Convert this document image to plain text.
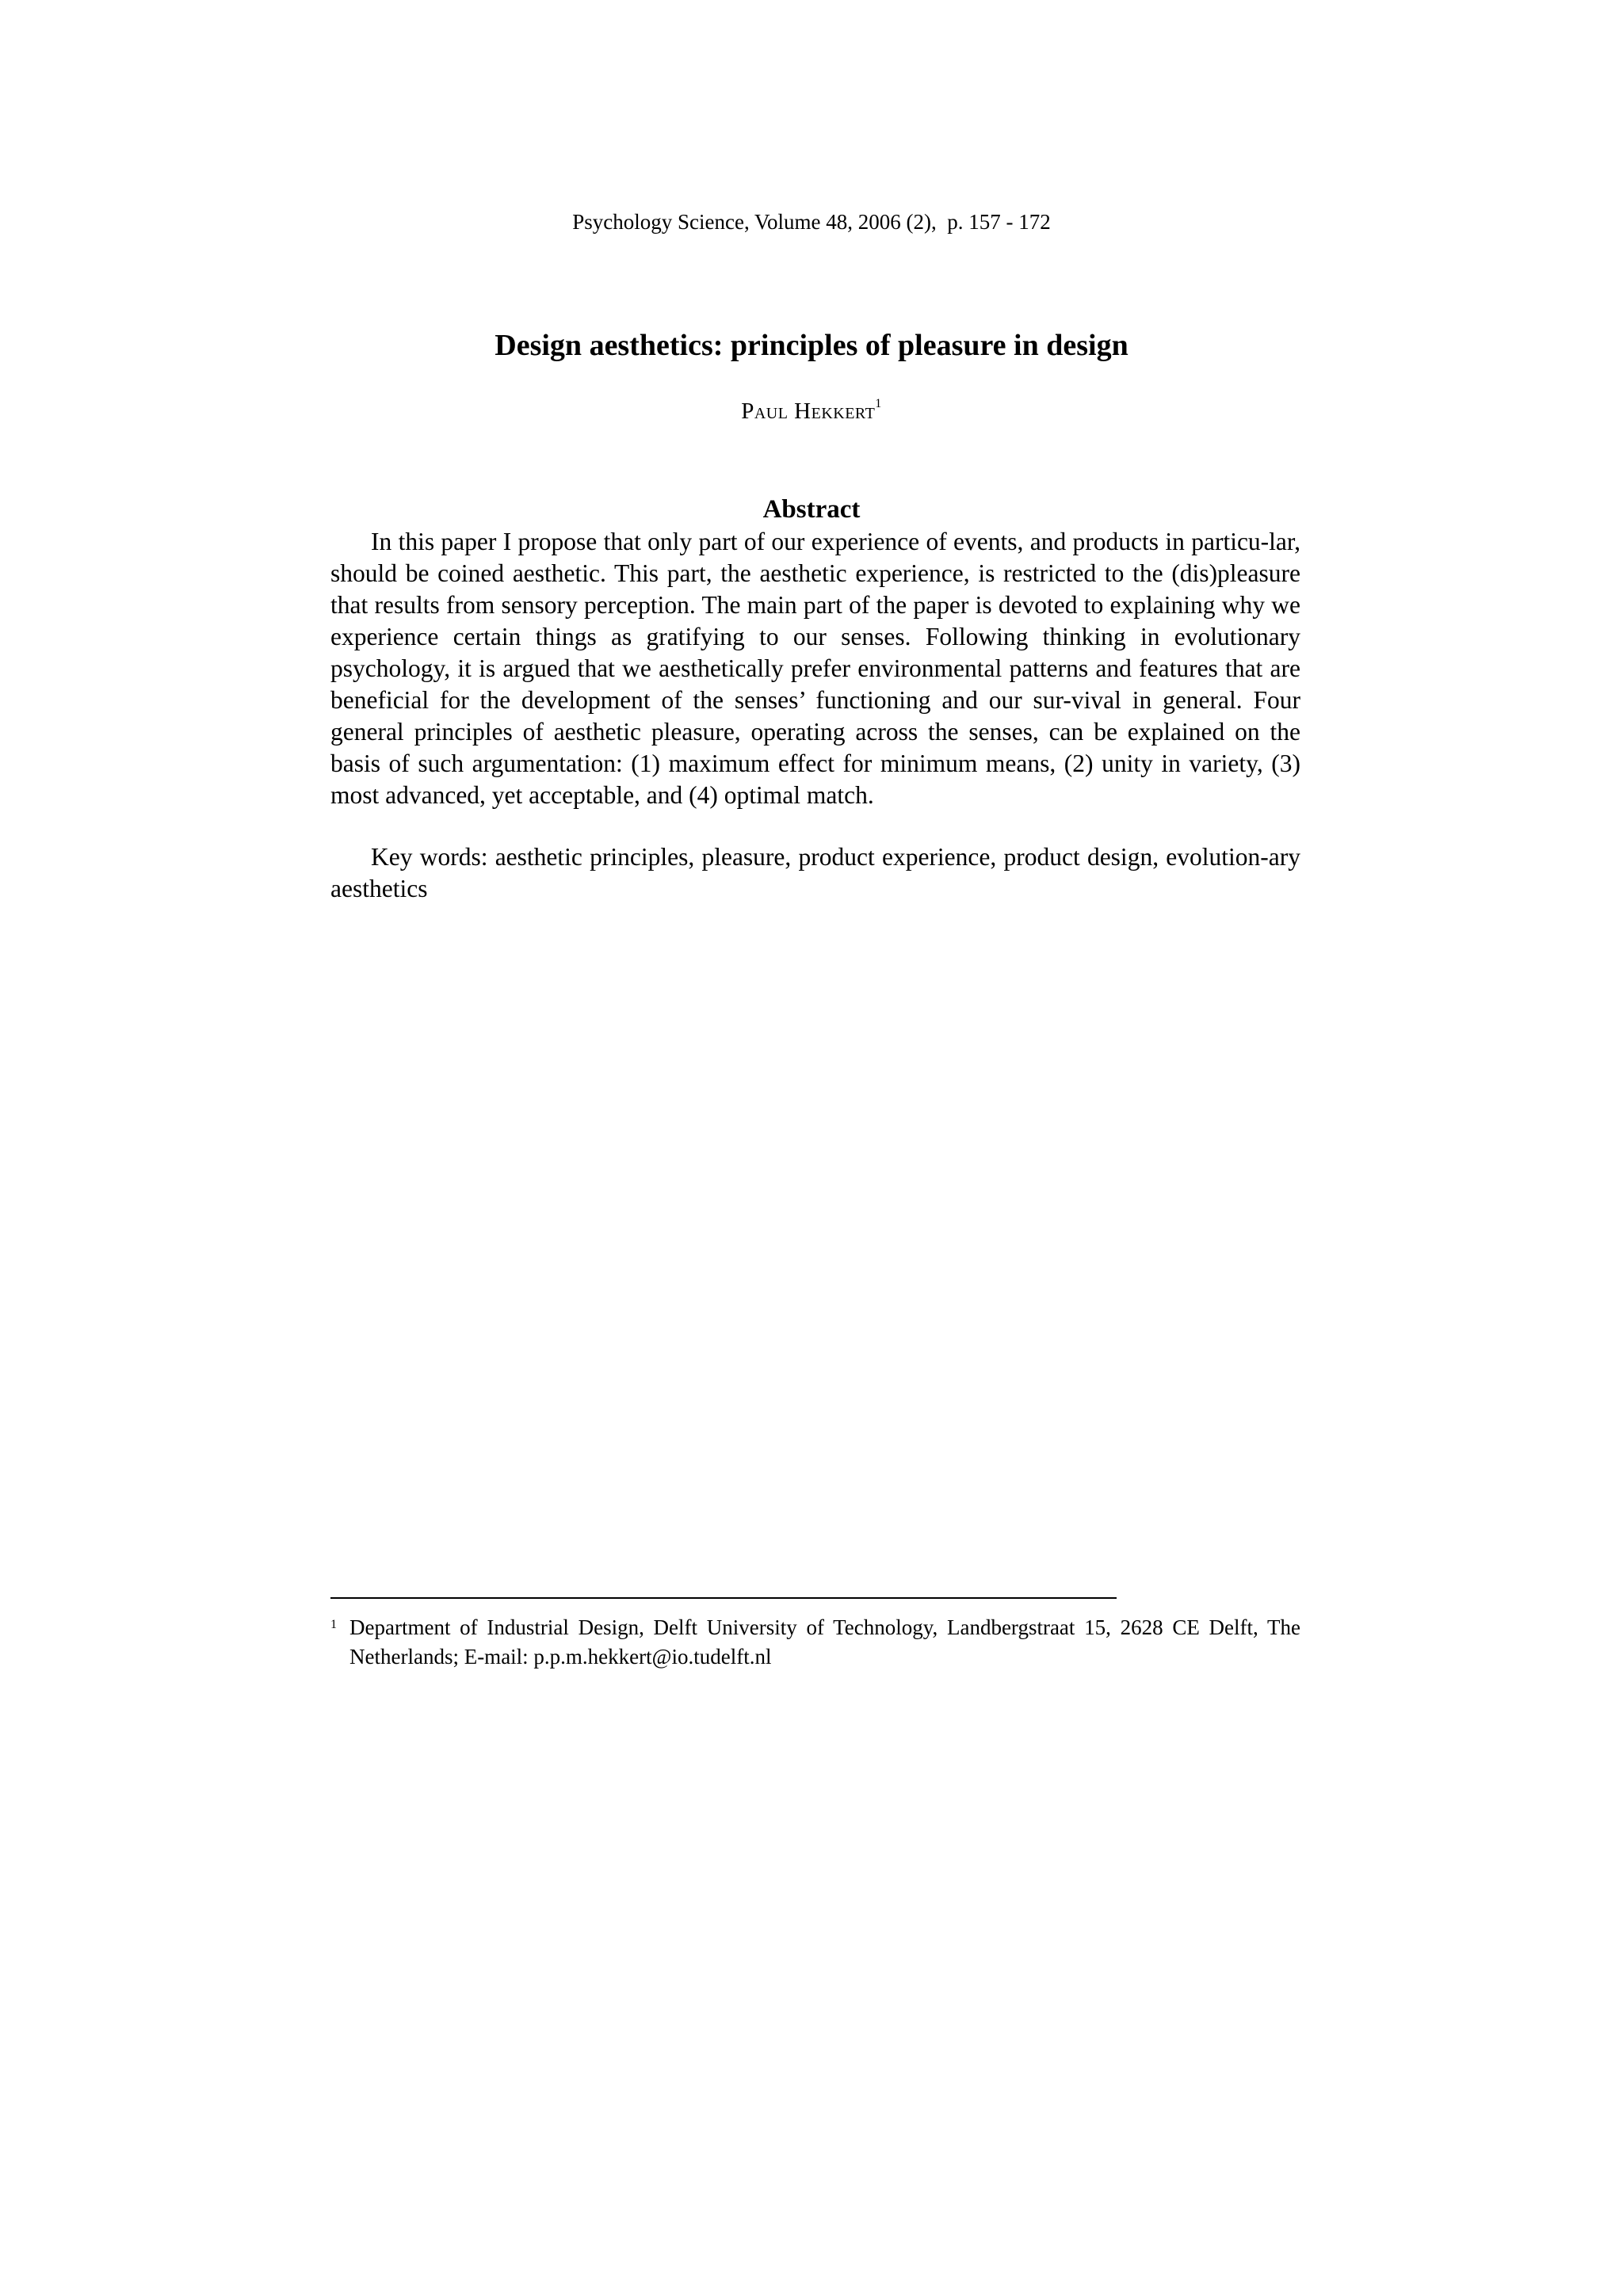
Psychology Science, Volume 48, 2006 (2),  p. 157 - 172
Design aesthetics: principles of pleasure in design
Paul Hekkert$^1$
Abstract
In this paper I propose that only part of our experience of events, and products in particu-lar, should be coined aesthetic. This part, the aesthetic experience, is restricted to the (dis)pleasure that results from sensory perception. The main part of the paper is devoted to explaining why we experience certain things as gratifying to our senses. Following thinking in evolutionary psychology, it is argued that we aesthetically prefer environmental patterns and features that are beneficial for the development of the senses’ functioning and our sur-vival in general. Four general principles of aesthetic pleasure, operating across the senses, can be explained on the basis of such argumentation: (1) maximum effect for minimum means, (2) unity in variety, (3) most advanced, yet acceptable, and (4) optimal match.
Key words: aesthetic principles, pleasure, product experience, product design, evolution-ary aesthetics
1 Department of Industrial Design, Delft University of Technology, Landbergstraat 15, 2628 CE Delft, The Netherlands; E-mail: p.p.m.hekkert@io.tudelft.nl
